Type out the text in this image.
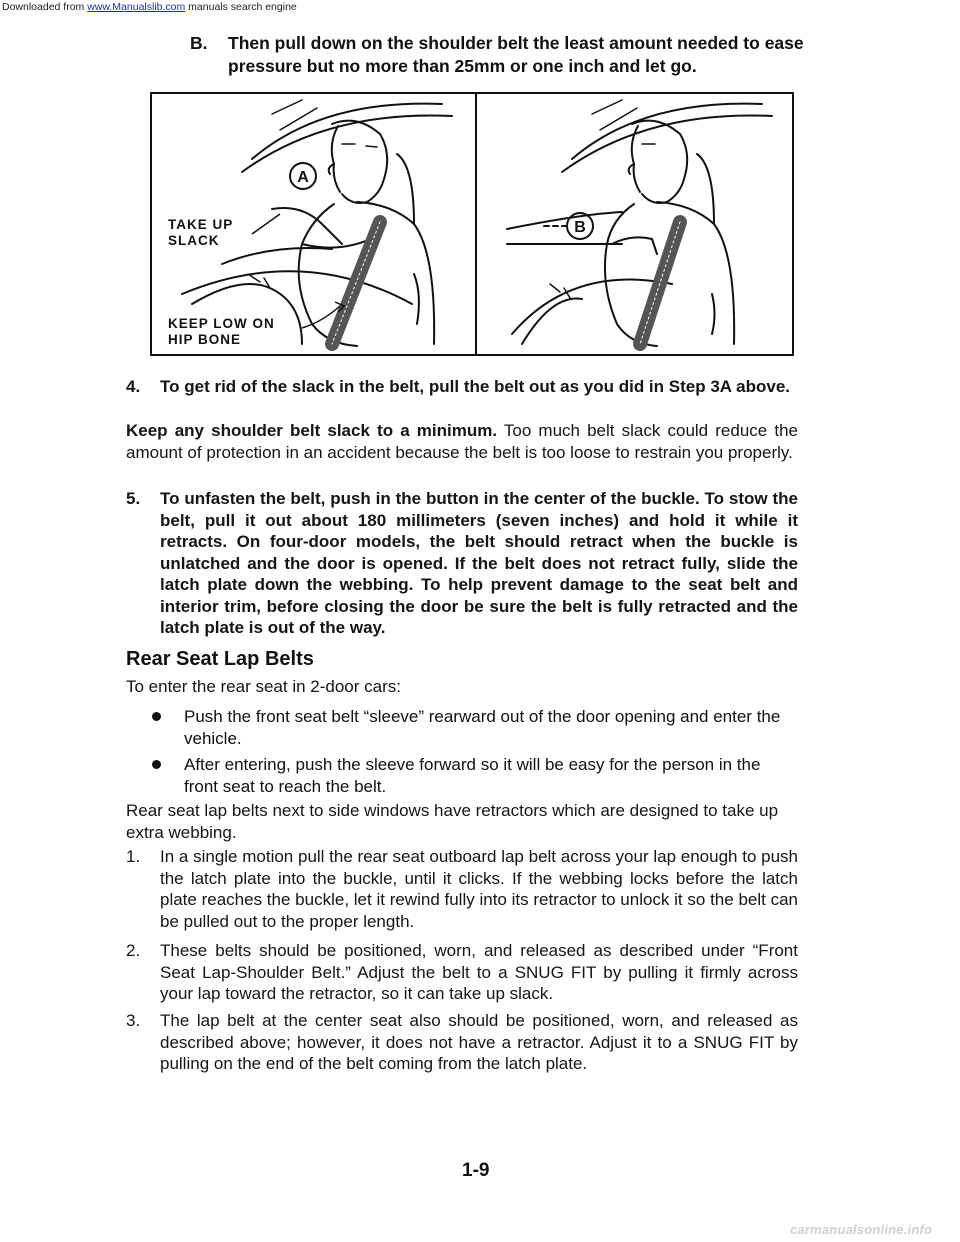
Downloaded from www.Manualslib.com manuals search engine
B. Then pull down on the shoulder belt the least amount needed to ease pressure but no more than 25mm or one inch and let go.
A
B
TAKE UP
SLACK
KEEP LOW ON
HIP BONE
4. To get rid of the slack in the belt, pull the belt out as you did in Step 3A above.
Keep any shoulder belt slack to a minimum. Too much belt slack could reduce the amount of protection in an accident because the belt is too loose to restrain you properly.
5. To unfasten the belt, push in the button in the center of the buckle. To stow the belt, pull it out about 180 millimeters (seven inches) and hold it while it retracts. On four-door models, the belt should retract when the buckle is unlatched and the door is opened. If the belt does not retract fully, slide the latch plate down the webbing. To help prevent damage to the seat belt and interior trim, before closing the door be sure the belt is fully retracted and the latch plate is out of the way.
Rear Seat Lap Belts
To enter the rear seat in 2-door cars:
Push the front seat belt “sleeve” rearward out of the door opening and enter the vehicle.
After entering, push the sleeve forward so it will be easy for the person in the front seat to reach the belt.
Rear seat lap belts next to side windows have retractors which are designed to take up extra webbing.
1. In a single motion pull the rear seat outboard lap belt across your lap enough to push the latch plate into the buckle, until it clicks. If the webbing locks before the latch plate reaches the buckle, let it rewind fully into its retractor to unlock it so the belt can be pulled out to the proper length.
2. These belts should be positioned, worn, and released as described under “Front Seat Lap-Shoulder Belt.” Adjust the belt to a SNUG FIT by pulling it firmly across your lap toward the retractor, so it can take up slack.
3. The lap belt at the center seat also should be positioned, worn, and released as described above; however, it does not have a retractor. Adjust it to a SNUG FIT by pulling on the end of the belt coming from the latch plate.
1-9
carmanualsonline.info
